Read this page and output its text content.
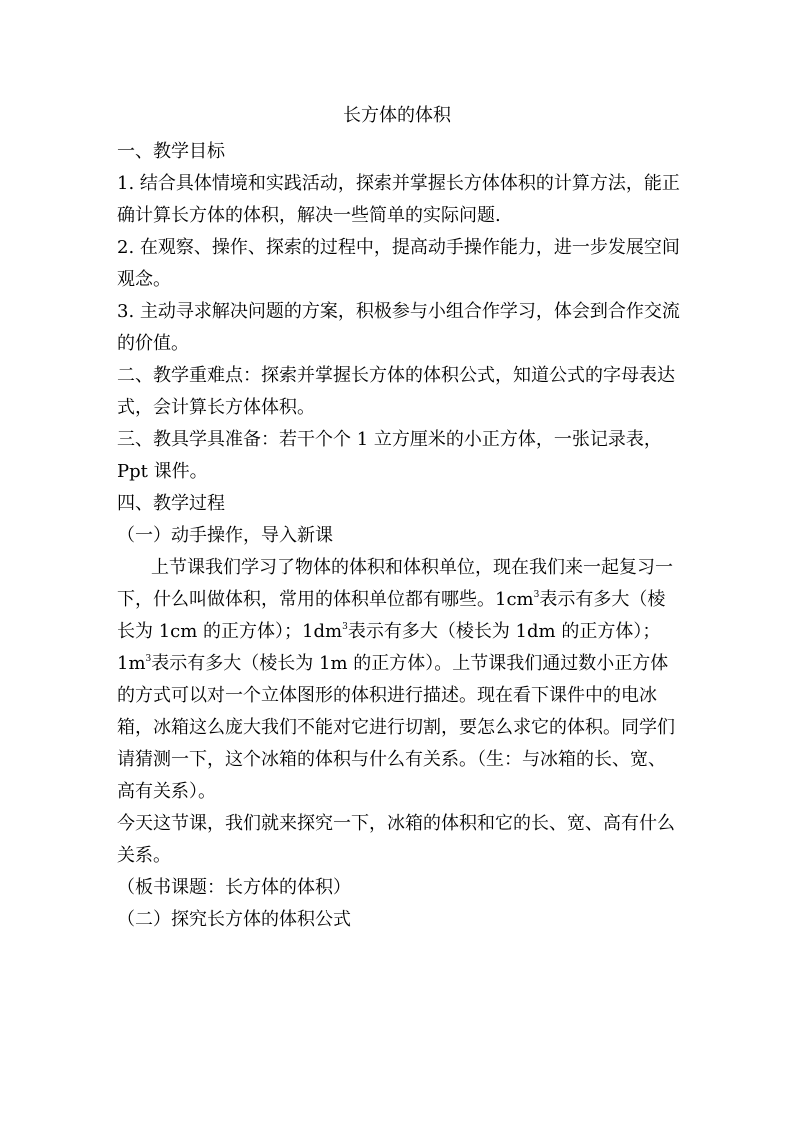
长方体的体积

一、教学目标

1. 结合具体情境和实践活动，探索并掌握长方体体积的计算方法，能正确计算长方体的体积，解决一些简单的实际问题.

2. 在观察、操作、探索的过程中，提高动手操作能力，进一步发展空间观念。

3. 主动寻求解决问题的方案，积极参与小组合作学习，体会到合作交流的价值。

二、教学重难点：探索并掌握长方体的体积公式，知道公式的字母表达式，会计算长方体体积。

三、教具学具准备：若干个个 1 立方厘米的小正方体，一张记录表，Ppt 课件。

四、教学过程

（一）动手操作，导入新课

上节课我们学习了物体的体积和体积单位，现在我们来一起复习一下，什么叫做体积，常用的体积单位都有哪些。$1cm^3$表示有多大（棱长为 1cm 的正方体）；$1dm^3$表示有多大（棱长为 1dm 的正方体）；$1m^3$表示有多大（棱长为 1m 的正方体）。上节课我们通过数小正方体的方式可以对一个立体图形的体积进行描述。现在看下课件中的电冰箱，冰箱这么庞大我们不能对它进行切割，要怎么求它的体积。同学们请猜测一下，这个冰箱的体积与什么有关系。（生：与冰箱的长、宽、高有关系）。

今天这节课，我们就来探究一下，冰箱的体积和它的长、宽、高有什么关系。

（板书课题：长方体的体积）

（二）探究长方体的体积公式
